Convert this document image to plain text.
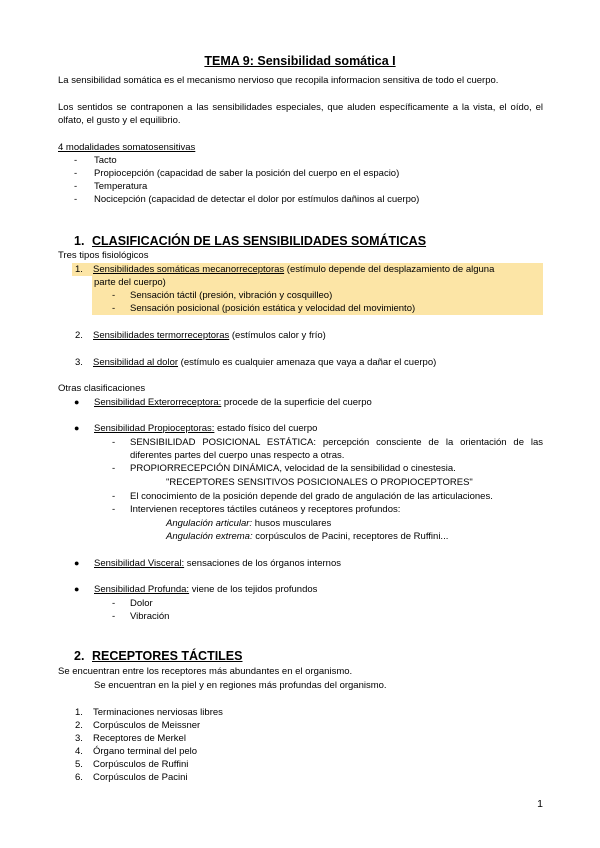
TEMA 9: Sensibilidad somática I
La sensibilidad somática es el mecanismo nervioso que recopila informacion sensitiva de todo el cuerpo.
Los sentidos se contraponen a las sensibilidades especiales, que aluden específicamente a la vista, el oído, el olfato, el gusto y el equilibrio.
4 modalidades somatosensitivas
-	Tacto
-	Propiocepción (capacidad de saber la posición del cuerpo en el espacio)
-	Temperatura
-	Nocicepción (capacidad de detectar el dolor por estímulos dañinos al cuerpo)
1. CLASIFICACIÓN DE LAS SENSIBILIDADES SOMÁTICAS
Tres tipos fisiológicos
1. Sensibilidades somáticas mecanorreceptoras (estímulo depende del desplazamiento de alguna
parte del cuerpo)
- Sensación táctil (presión, vibración y cosquilleo)
- Sensación posicional (posición estática y velocidad del movimiento)
2. Sensibilidades termorreceptoras (estímulos calor y frío)
3. Sensibilidad al dolor (estímulo es cualquier amenaza que vaya a dañar el cuerpo)
Otras clasificaciones
● Sensibilidad Exterorreceptora: procede de la superficie del cuerpo
● Sensibilidad Propioceptoras: estado físico del cuerpo
-	SENSIBILIDAD POSICIONAL ESTÁTICA: percepción consciente de la orientación de las
diferentes partes del cuerpo unas respecto a otras.
-	PROPIORRECEPCIÓN DINÁMICA, velocidad de la sensibilidad o cinestesia.
"RECEPTORES SENSITIVOS POSICIONALES O PROPIOCEPTORES"
-	El conocimiento de la posición depende del grado de angulación de las articulaciones.
-	Intervienen receptores táctiles cutáneos y receptores profundos:
Angulación articular: husos musculares
Angulación extrema: corpúsculos de Pacini, receptores de Ruffini...
● Sensibilidad Visceral: sensaciones de los órganos internos
● Sensibilidad Profunda: viene de los tejidos profundos
-	Dolor
-	Vibración
2. RECEPTORES TÁCTILES
Se encuentran entre los receptores más abundantes en el organismo.
Se encuentran en la piel y en regiones más profundas del organismo.
1. Terminaciones nerviosas libres
2. Corpúsculos de Meissner
3. Receptores de Merkel
4. Órgano terminal del pelo
5. Corpúsculos de Ruffini
6. Corpúsculos de Pacini
1
